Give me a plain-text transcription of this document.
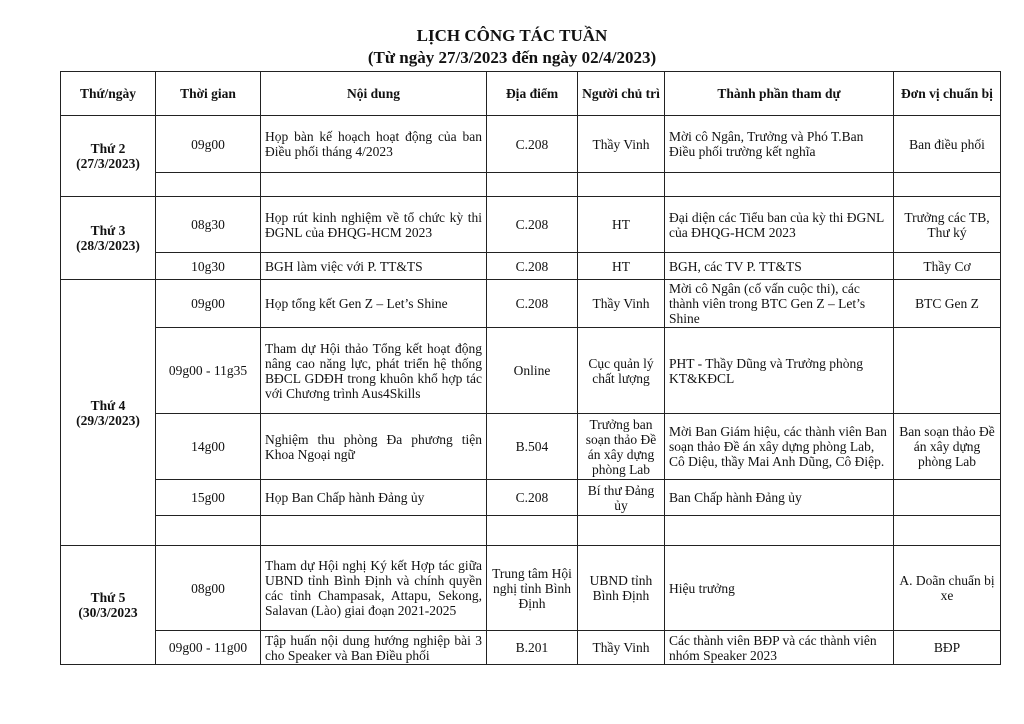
LỊCH CÔNG TÁC TUẦN
(Từ ngày 27/3/2023 đến ngày 02/4/2023)
Thứ/ngày	Thời gian	Nội dung	Địa điểm	Người chủ trì	Thành phần tham dự	Đơn vị chuẩn bị

Thứ 2
(27/3/2023)	09g00	Họp bàn kế hoạch hoạt động của ban Điều phối tháng 4/2023	C.208	Thầy Vinh	Mời cô Ngân, Trưởng và Phó T.Ban Điều phối trường kết nghĩa	Ban điều phối

Thứ 3
(28/3/2023)	08g30	Họp rút kinh nghiệm về tổ chức kỳ thi ĐGNL của ĐHQG-HCM 2023	C.208	HT	Đại diện các Tiểu ban của kỳ thi ĐGNL của ĐHQG-HCM 2023	Trưởng các TB, Thư ký
	10g30	BGH làm việc với P. TT&TS	C.208	HT	BGH, các TV P. TT&TS	Thầy Cơ

Thứ 4
(29/3/2023)	09g00	Họp tổng kết Gen Z – Let’s Shine	C.208	Thầy Vinh	Mời cô Ngân (cố vấn cuộc thi), các thành viên trong BTC Gen Z – Let’s Shine	BTC Gen Z
	09g00 - 11g35	Tham dự Hội thảo Tổng kết hoạt động nâng cao năng lực, phát triển hệ thống BĐCL GDĐH trong khuôn khổ hợp tác với Chương trình Aus4Skills	Online	Cục quản lý chất lượng	PHT - Thầy Dũng và Trưởng phòng KT&KĐCL	
	14g00	Nghiệm thu phòng Đa phương tiện Khoa Ngoại ngữ	B.504	Trưởng ban soạn thảo Đề án xây dựng phòng Lab	Mời Ban Giám hiệu, các thành viên Ban soạn thảo Đề án xây dựng phòng Lab, Cô Diệu, thầy Mai Anh Dũng, Cô Điệp.	Ban soạn thảo Đề án xây dựng phòng Lab
	15g00	Họp Ban Chấp hành Đảng ủy	C.208	Bí thư Đảng ủy	Ban Chấp hành Đảng ủy	

Thứ 5
(30/3/2023	08g00	Tham dự Hội nghị Ký kết Hợp tác giữa UBND tỉnh Bình Định và chính quyền các tỉnh Champasak, Attapu, Sekong, Salavan (Lào) giai đoạn 2021-2025	Trung tâm Hội nghị tỉnh Bình Định	UBND tỉnh Bình Định	Hiệu trưởng	A. Doãn chuẩn bị xe
	09g00 - 11g00	Tập huấn nội dung hướng nghiệp bài 3 cho Speaker và Ban Điều phối	B.201	Thầy Vinh	Các thành viên BĐP và các thành viên nhóm Speaker 2023	BĐP
